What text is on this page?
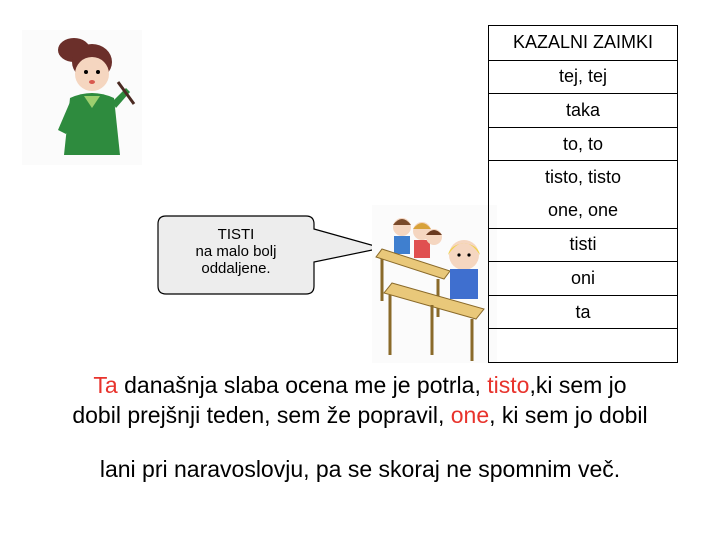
TISTI
na malo bolj
oddaljene.
KAZALNI ZAIMKI
tej, tej
taka
to, to
tisto, tisto
one, one
tisti
oni
ta
Ta današnja slaba ocena me je potrla, tisto,ki sem jo
dobil prejšnji teden, sem že popravil, one, ki sem jo dobil
lani pri naravoslovju, pa se skoraj ne spomnim več.
